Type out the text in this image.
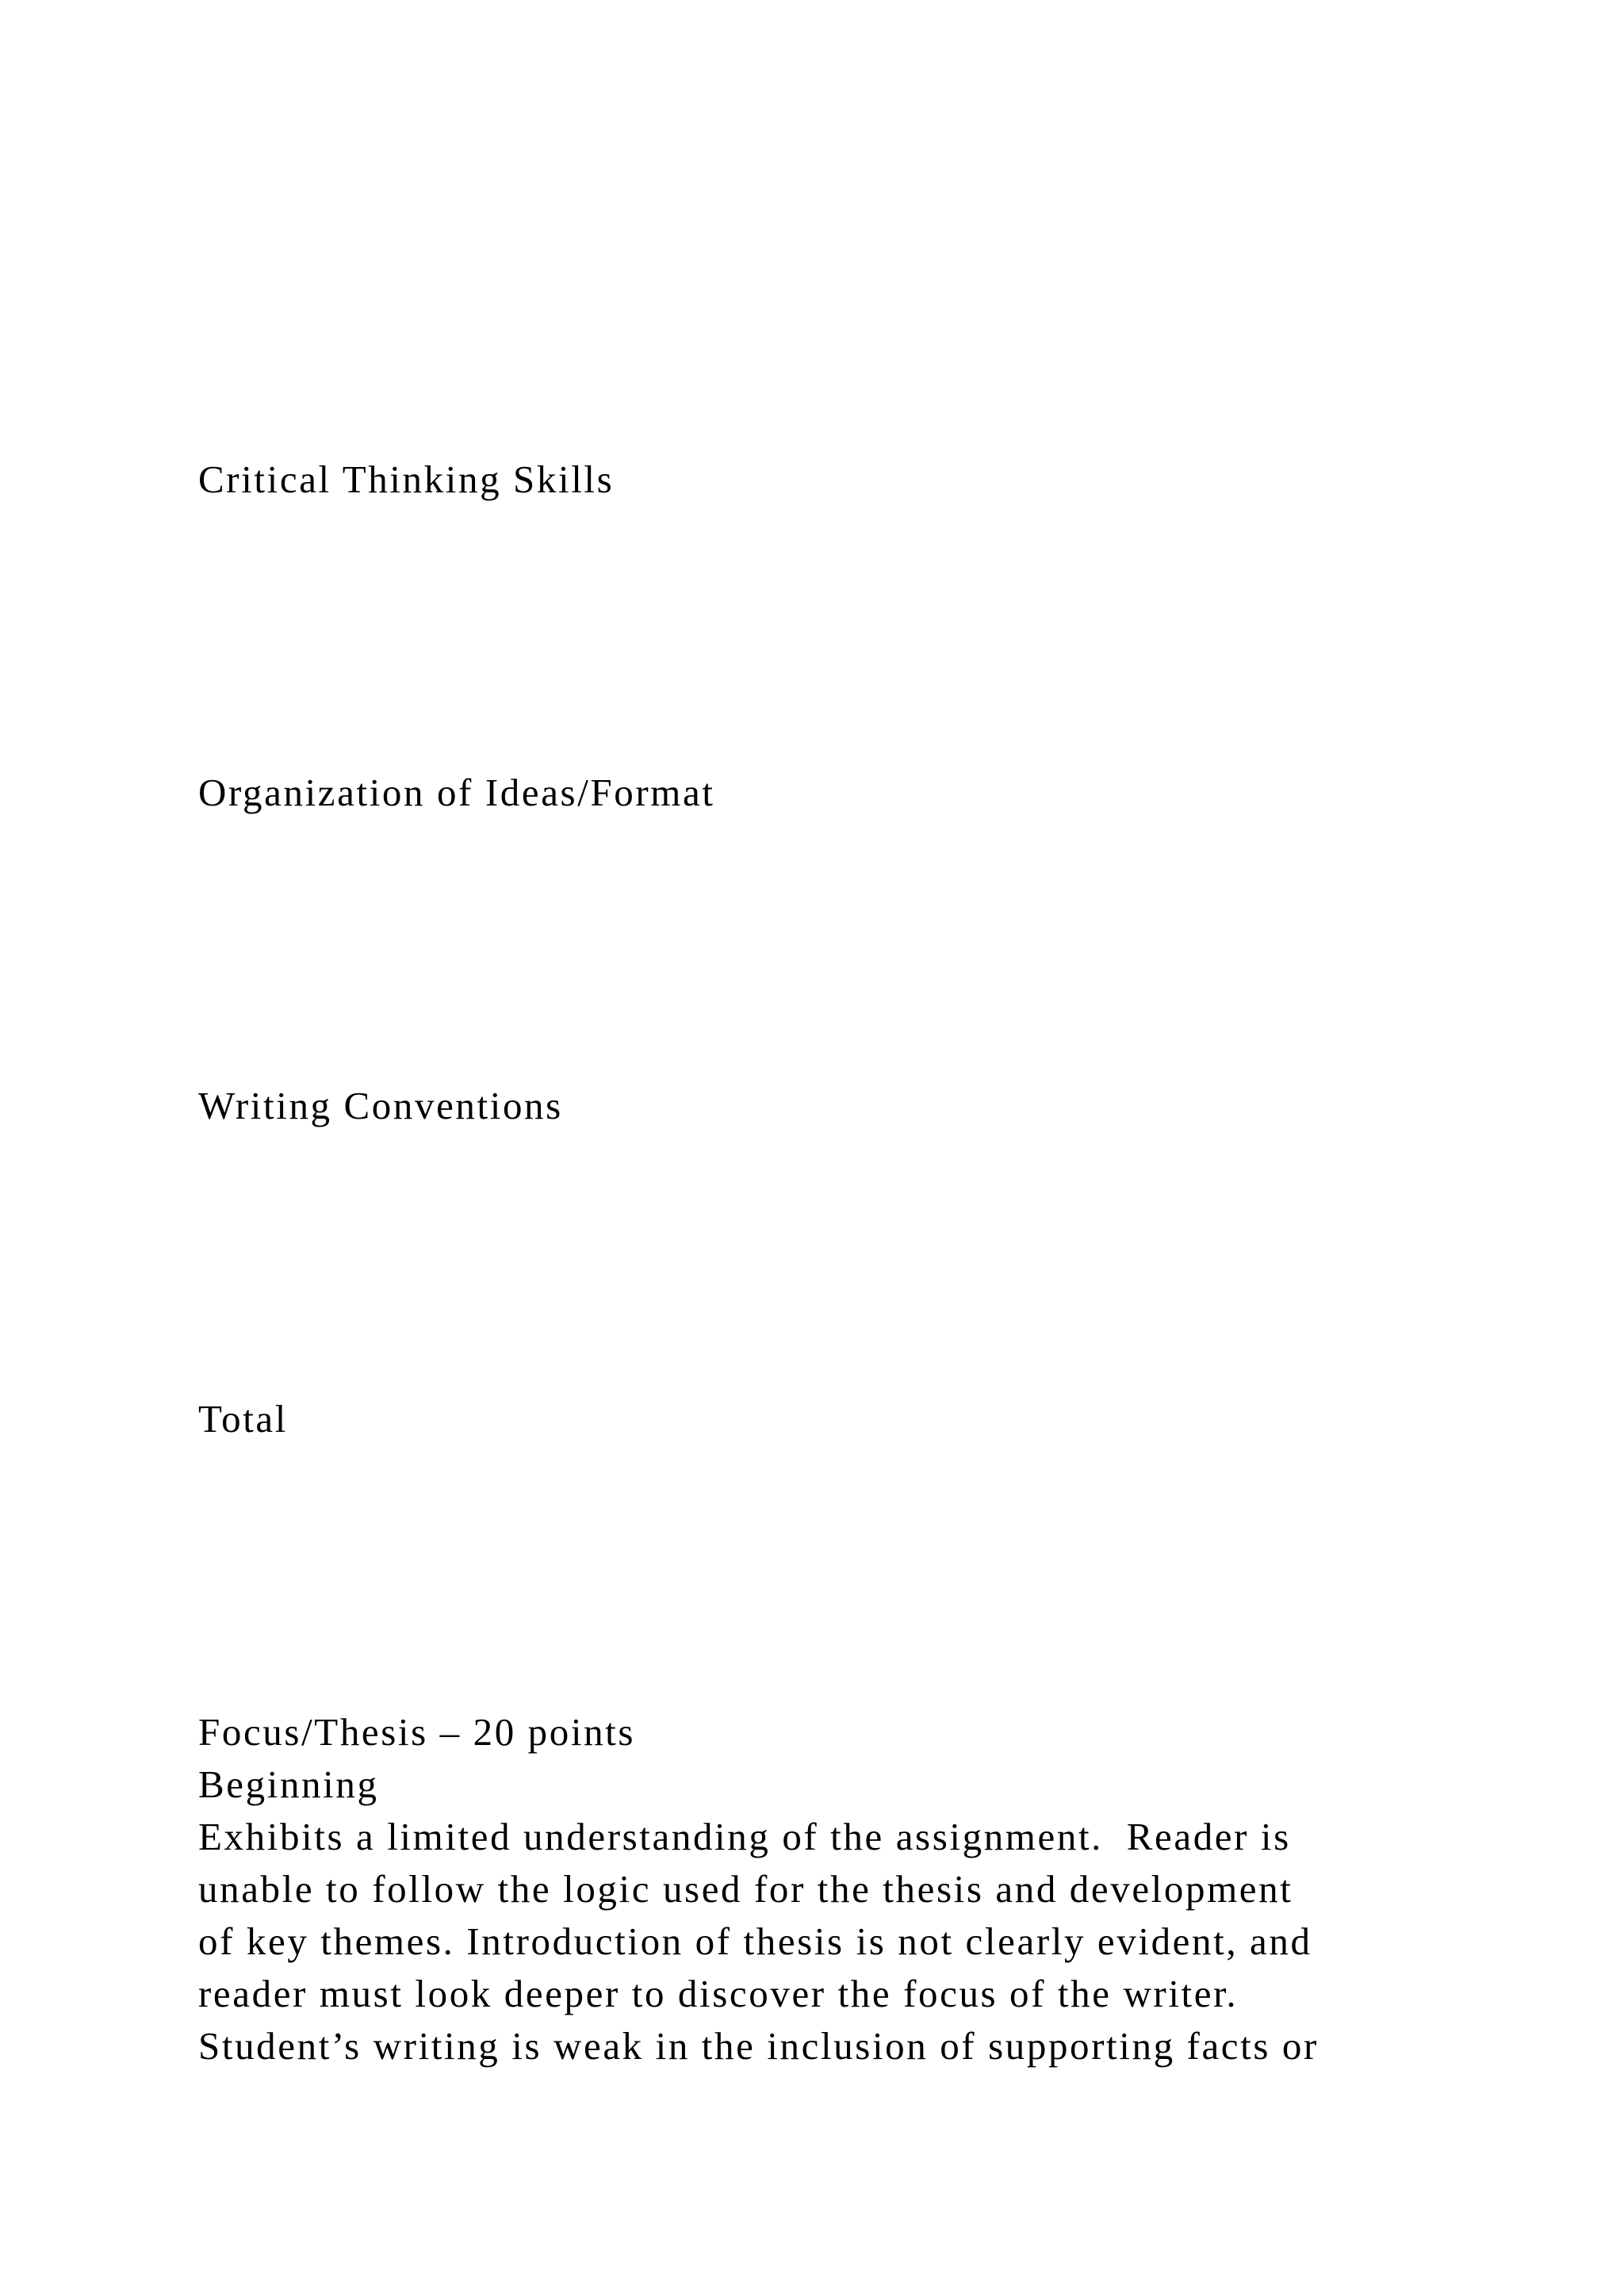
Critical Thinking Skills

Organization of Ideas/Format

Writing Conventions

Total

Focus/Thesis – 20 points
Beginning
Exhibits a limited understanding of the assignment.  Reader is
unable to follow the logic used for the thesis and development
of key themes. Introduction of thesis is not clearly evident, and
reader must look deeper to discover the focus of the writer.
Student’s writing is weak in the inclusion of supporting facts or
